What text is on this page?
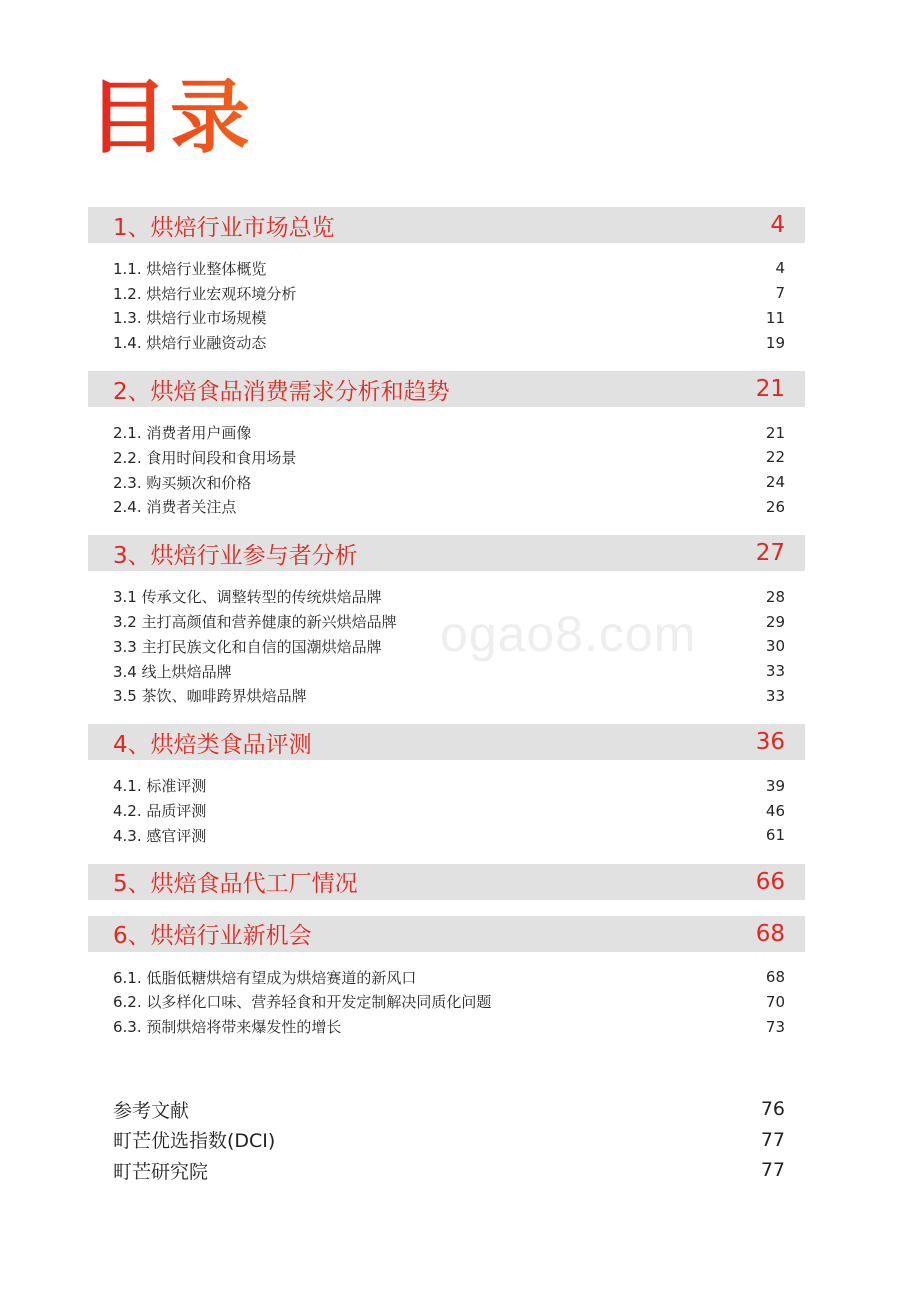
目录
ogao8.com
1、烘焙行业市场总览	4
1.1. 烘焙行业整体概览	4
1.2. 烘焙行业宏观环境分析	7
1.3. 烘焙行业市场规模	11
1.4. 烘焙行业融资动态	19
2、烘焙食品消费需求分析和趋势	21
2.1. 消费者用户画像	21
2.2. 食用时间段和食用场景	22
2.3. 购买频次和价格	24
2.4. 消费者关注点	26
3、烘焙行业参与者分析	27
3.1 传承文化、调整转型的传统烘焙品牌	28
3.2 主打高颜值和营养健康的新兴烘焙品牌	29
3.3 主打民族文化和自信的国潮烘焙品牌	30
3.4 线上烘焙品牌	33
3.5 茶饮、咖啡跨界烘焙品牌	33
4、烘焙类食品评测	36
4.1. 标准评测	39
4.2. 品质评测	46
4.3. 感官评测	61
5、烘焙食品代工厂情况	66
6、烘焙行业新机会	68
6.1. 低脂低糖烘焙有望成为烘焙赛道的新风口	68
6.2. 以多样化口味、营养轻食和开发定制解决同质化问题	70
6.3. 预制烘焙将带来爆发性的增长	73
参考文献	76
町芒优选指数(DCI)	77
町芒研究院	77
